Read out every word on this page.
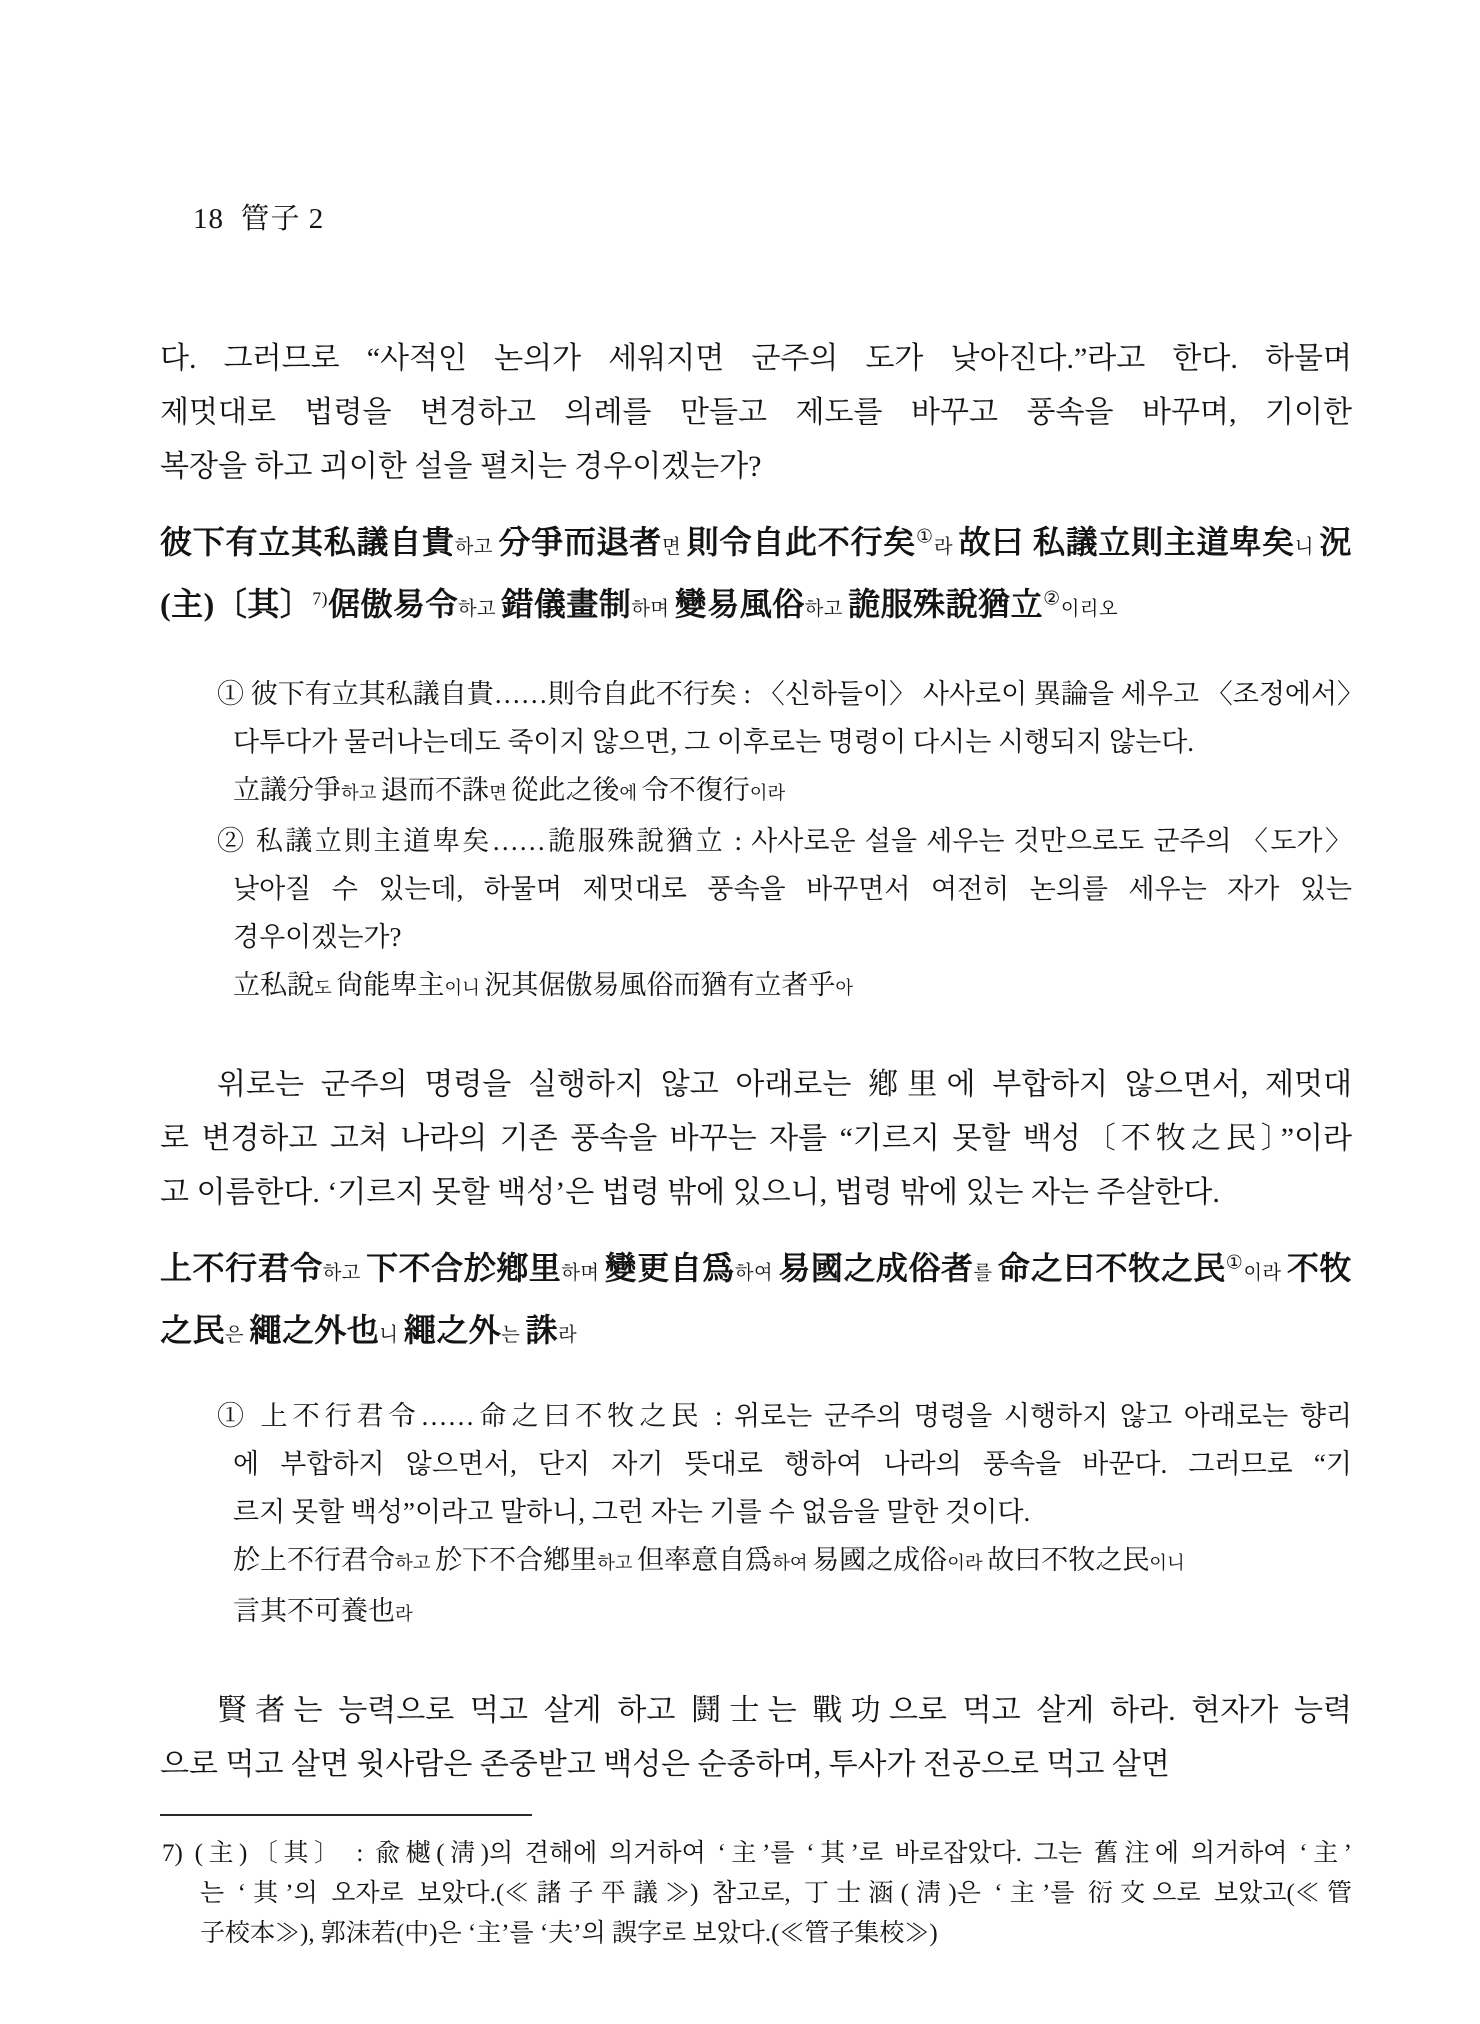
18  管子 2

다. 그러므로 “사적인 논의가 세워지면 군주의 도가 낮아진다.”라고 한다. 하물며
제멋대로 법령을 변경하고 의례를 만들고 제도를 바꾸고 풍속을 바꾸며, 기이한
복장을 하고 괴이한 설을 펼치는 경우이겠는가?
彼下有立其私議自貴하고 分爭而退者면 則令自此不行矣①라 故曰 私議立則主道卑矣니 況
(主)〔其〕$^{7)}$倨傲易令하고 錯儀畫制하며 變易風俗하고 詭服殊說猶立②이리오
① 彼下有立其私議自貴……則令自此不行矣 : 〈신하들이〉 사사로이 異論을 세우고 〈조정에서〉
다투다가 물러나는데도 죽이지 않으면, 그 이후로는 명령이 다시는 시행되지 않는다.
立議分爭하고 退而不誅면 從此之後에 令不復行이라
② 私議立則主道卑矣……詭服殊說猶立 : 사사로운 설을 세우는 것만으로도 군주의 〈도가〉
낮아질 수 있는데, 하물며 제멋대로 풍속을 바꾸면서 여전히 논의를 세우는 자가 있는
경우이겠는가?
立私說도 尙能卑主이니 況其倨傲易風俗而猶有立者乎아
위로는 군주의 명령을 실행하지 않고 아래로는 鄕里에 부합하지 않으면서, 제멋대
로 변경하고 고쳐 나라의 기존 풍속을 바꾸는 자를 “기르지 못할 백성〔不牧之民〕”이라
고 이름한다. ‘기르지 못할 백성’은 법령 밖에 있으니, 법령 밖에 있는 자는 주살한다.
上不行君令하고 下不合於鄕里하며 變更自爲하여 易國之成俗者를 命之曰不牧之民①이라 不牧
之民은 繩之外也니 繩之外는 誅라
① 上不行君令……命之曰不牧之民 : 위로는 군주의 명령을 시행하지 않고 아래로는 향리
에 부합하지 않으면서, 단지 자기 뜻대로 행하여 나라의 풍속을 바꾼다. 그러므로 “기
르지 못할 백성”이라고 말하니, 그런 자는 기를 수 없음을 말한 것이다.
於上不行君令하고 於下不合鄕里하고 但率意自爲하여 易國之成俗이라 故曰不牧之民이니
言其不可養也라
賢者는 능력으로 먹고 살게 하고 鬪士는 戰功으로 먹고 살게 하라. 현자가 능력
으로 먹고 살면 윗사람은 존중받고 백성은 순종하며, 투사가 전공으로 먹고 살면
7) (主)〔其〕 : 兪樾(淸)의 견해에 의거하여 ‘主’를 ‘其’로 바로잡았다. 그는 舊注에 의거하여 ‘主’
는 ‘其’의 오자로 보았다.(≪諸子平議≫) 참고로, 丁士涵(淸)은 ‘主’를 衍文으로 보았고(≪管
子校本≫), 郭沫若(中)은 ‘主’를 ‘夫’의 誤字로 보았다.(≪管子集校≫)
